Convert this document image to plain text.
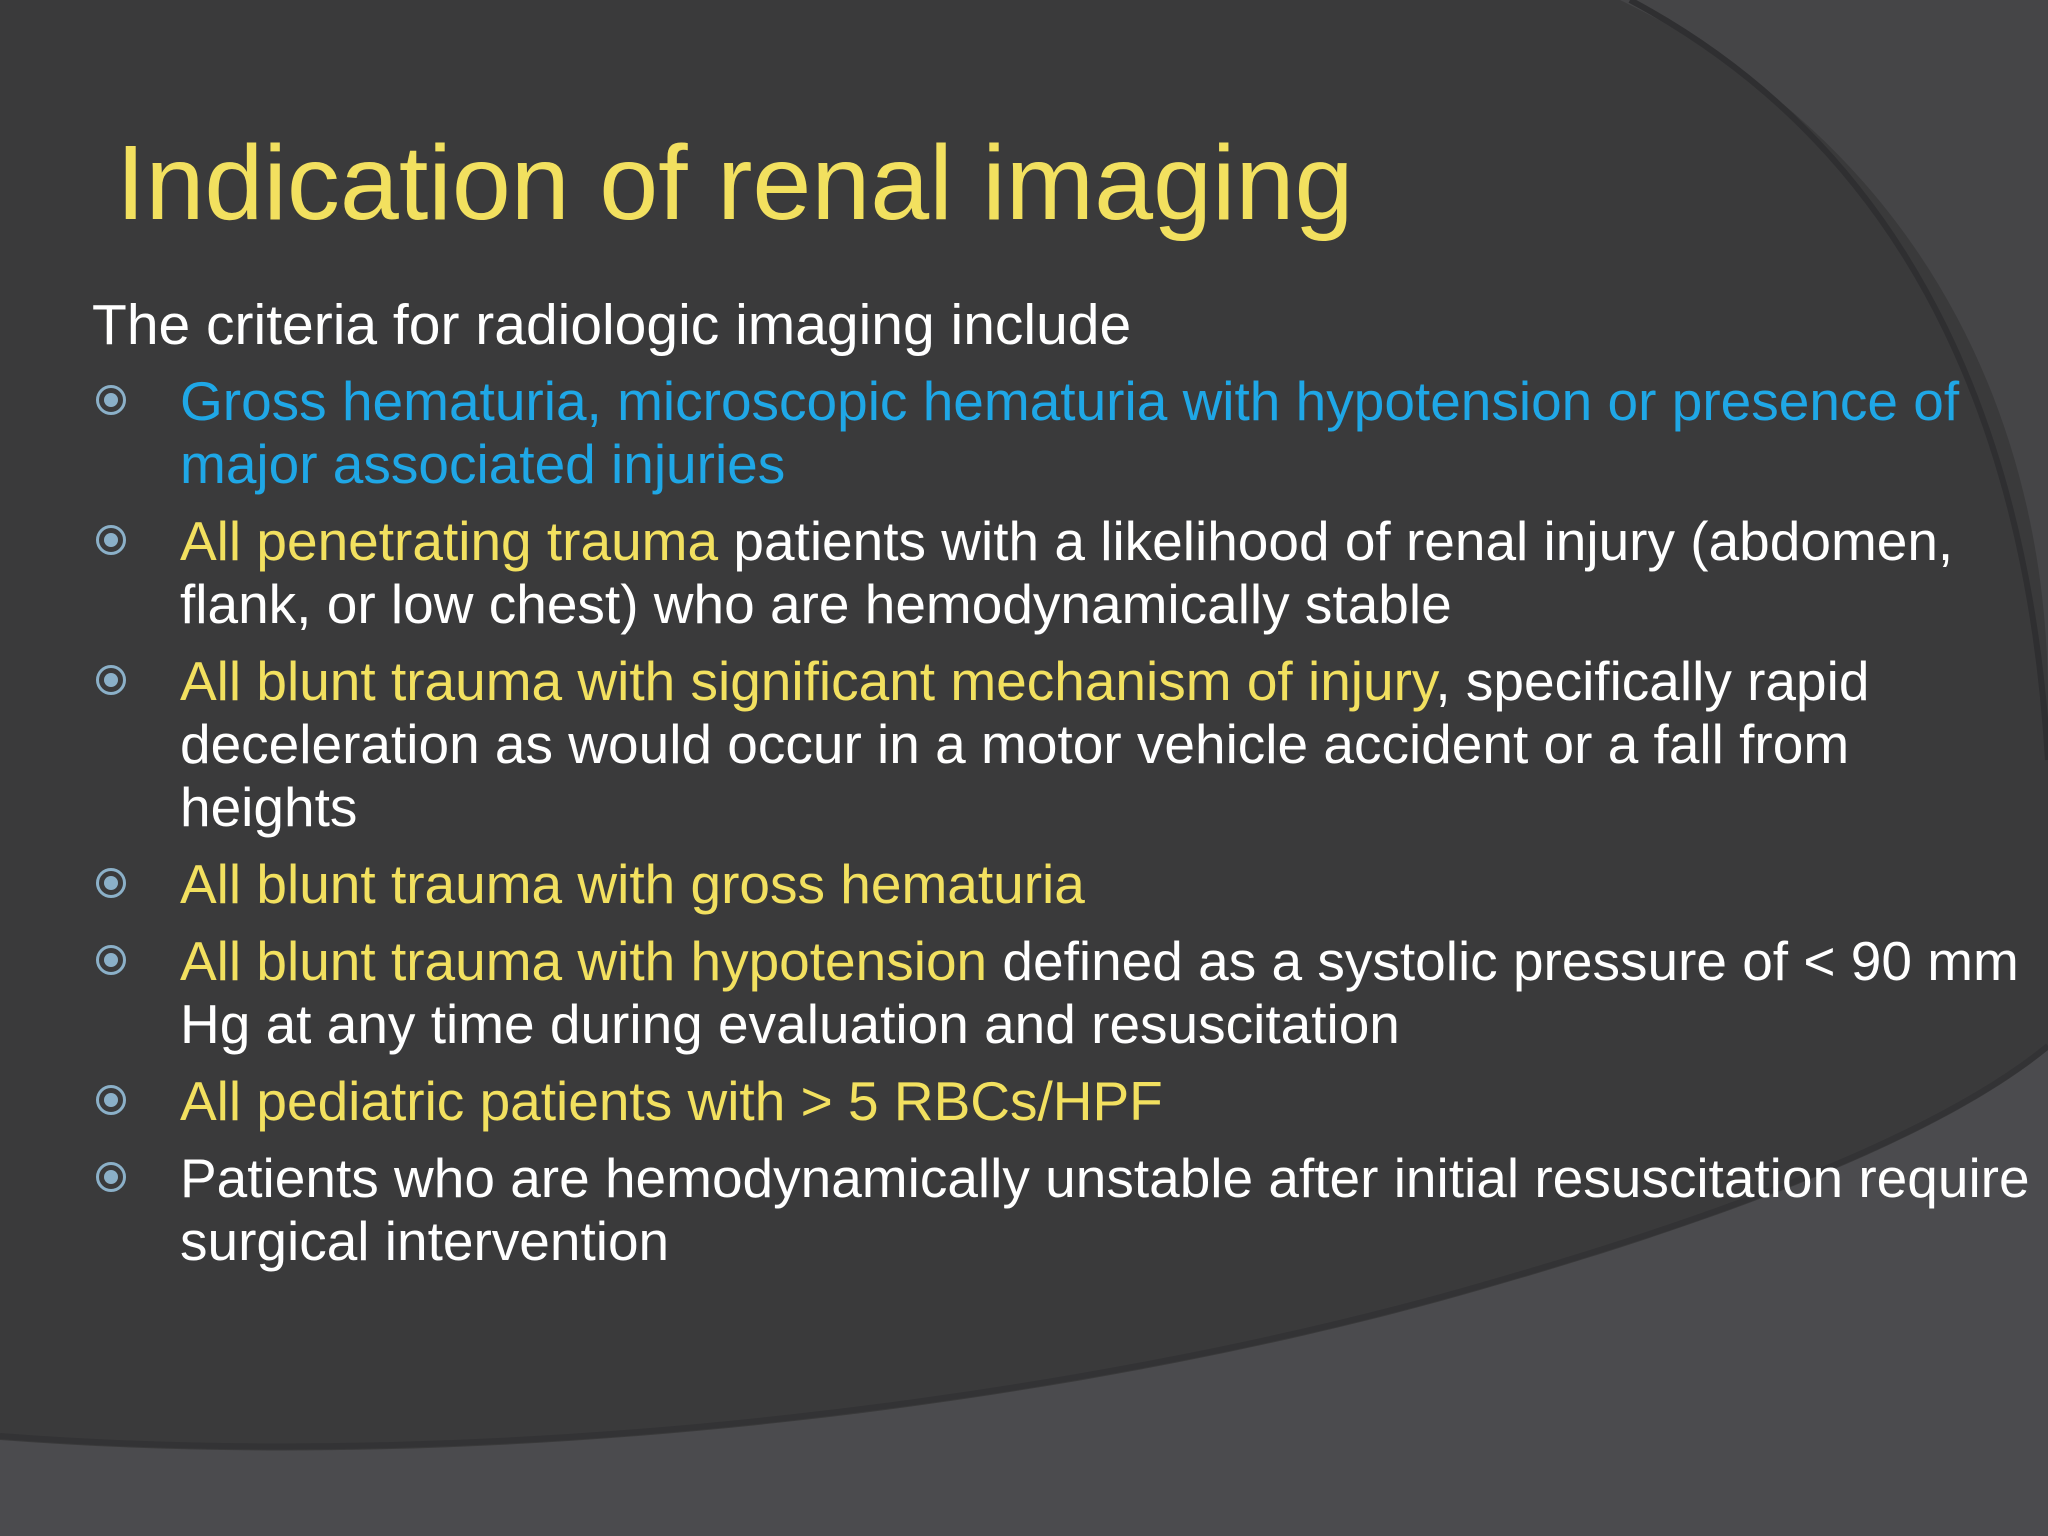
Indication of renal imaging

The criteria for radiologic imaging include

Gross hematuria, microscopic hematuria with hypotension or presence of major associated injuries
All penetrating trauma patients with a likelihood of renal injury (abdomen, flank, or low chest) who are hemodynamically stable
All blunt trauma with significant mechanism of injury, specifically rapid deceleration as would occur in a motor vehicle accident or a fall from heights
All blunt trauma with gross hematuria
All blunt trauma with hypotension defined as a systolic pressure of < 90 mm Hg at any time during evaluation and resuscitation
All pediatric patients with > 5 RBCs/HPF
Patients who are hemodynamically unstable after initial resuscitation require surgical intervention
